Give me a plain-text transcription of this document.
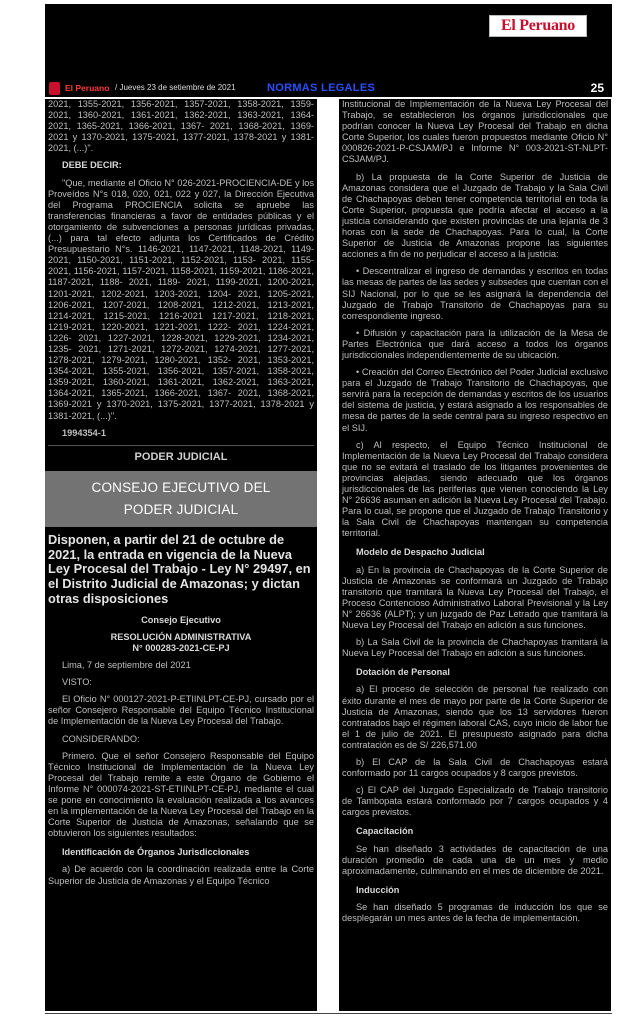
El Peruano
El Peruano / Jueves 23 de setiembre de 2021	NORMAS LEGALES	25

2021, 1355-2021, 1356-2021, 1357-2021, 1358-2021, 1359-2021, 1360-2021, 1361-2021, 1362-2021, 1363-2021, 1364-2021, 1365-2021, 1366-2021, 1367- 2021, 1368-2021, 1369-2021 y 1370-2021, 1375-2021, 1377-2021, 1378-2021 y 1381-2021, (...)".

DEBE DECIR:

"Que, mediante el Oficio N° 026-2021-PROCIENCIA-DE y los Proveídos N°s 018, 020, 021, 022 y 027, la Dirección Ejecutiva del Programa PROCIENCIA solicita se apruebe las transferencias financieras a favor de entidades públicas y el otorgamiento de subvenciones a personas jurídicas privadas, (...) para tal efecto adjunta los Certificados de Crédito Presupuestario N°s. 1146-2021, 1147-2021, 1148-2021, 1149-2021, 1150-2021, 1151-2021, 1152-2021, 1153- 2021, 1155-2021, 1156-2021, 1157-2021, 1158-2021, 1159-2021, 1186-2021, 1187-2021, 1188- 2021, 1189- 2021, 1199-2021, 1200-2021, 1201-2021, 1202-2021, 1203-2021, 1204- 2021, 1205-2021, 1206-2021, 1207-2021, 1208-2021, 1212-2021, 1213-2021, 1214-2021, 1215-2021, 1216-2021 1217-2021, 1218-2021, 1219-2021, 1220-2021, 1221-2021, 1222- 2021, 1224-2021, 1226- 2021, 1227-2021, 1228-2021, 1229-2021, 1234-2021, 1235- 2021, 1271-2021, 1272-2021, 1274-2021, 1277-2021, 1278-2021, 1279-2021, 1280-2021, 1352- 2021, 1353-2021, 1354-2021, 1355-2021, 1356-2021, 1357-2021, 1358-2021, 1359-2021, 1360-2021, 1361-2021, 1362-2021, 1363-2021, 1364-2021, 1365-2021, 1366-2021, 1367- 2021, 1368-2021, 1369-2021 y 1370-2021, 1375-2021, 1377-2021, 1378-2021 y 1381-2021, (...)".

1994354-1

PODER JUDICIAL
CONSEJO EJECUTIVO DEL
PODER JUDICIAL
Disponen, a partir del 21 de octubre de 2021, la entrada en vigencia de la Nueva Ley Procesal del Trabajo - Ley N° 29497, en el Distrito Judicial de Amazonas; y dictan otras disposiciones

Consejo Ejecutivo

RESOLUCIÓN ADMINISTRATIVA

N° 000283-2021-CE-PJ

Lima, 7 de septiembre del 2021

VISTO:

El Oficio N° 000127-2021-P-ETIINLPT-CE-PJ, cursado por el señor Consejero Responsable del Equipo Técnico Institucional de Implementación de la Nueva Ley Procesal del Trabajo.

CONSIDERANDO:

Primero. Que el señor Consejero Responsable del Equipo Técnico Institucional de Implementación de la Nueva Ley Procesal del Trabajo remite a este Órgano de Gobierno el Informe N° 000074-2021-ST-ETIINLPT-CE-PJ, mediante el cual se pone en conocimiento la evaluación realizada a los avances en la implementación de la Nueva Ley Procesal del Trabajo en la Corte Superior de Justicia de Amazonas, señalando que se obtuvieron los siguientes resultados:

Identificación de Órganos Jurisdiccionales

a) De acuerdo con la coordinación realizada entre la Corte Superior de Justicia de Amazonas y el Equipo Técnico

Institucional de Implementación de la Nueva Ley Procesal del Trabajo, se establecieron los órganos jurisdiccionales que podrían conocer la Nueva Ley Procesal del Trabajo en dicha Corte Superior, los cuales fueron propuestos mediante Oficio N° 000826-2021-P-CSJAM/PJ e Informe N° 003-2021-ST-NLPT-CSJAM/PJ.

b) La propuesta de la Corte Superior de Justicia de Amazonas considera que el Juzgado de Trabajo y la Sala Civil de Chachapoyas deben tener competencia territorial en toda la Corte Superior, propuesta que podría afectar el acceso a la justicia considerando que existen provincias de una lejanía de 3 horas con la sede de Chachapoyas. Para lo cual, la Corte Superior de Justicia de Amazonas propone las siguientes acciones a fin de no perjudicar el acceso a la justicia:

• Descentralizar el ingreso de demandas y escritos en todas las mesas de partes de las sedes y subsedes que cuentan con el SIJ Nacional, por lo que se les asignará la dependencia del Juzgado de Trabajo Transitorio de Chachapoyas para su correspondiente ingreso.

• Difusión y capacitación para la utilización de la Mesa de Partes Electrónica que dará acceso a todos los órganos jurisdiccionales independientemente de su ubicación.

• Creación del Correo Electrónico del Poder Judicial exclusivo para el Juzgado de Trabajo Transitorio de Chachapoyas, que servirá para la recepción de demandas y escritos de los usuarios del sistema de justicia, y estará asignado a los responsables de mesa de partes de la sede central para su ingreso respectivo en el SIJ.

c) Al respecto, el Equipo Técnico Institucional de Implementación de la Nueva Ley Procesal del Trabajo considera que no se evitará el traslado de los litigantes provenientes de provincias alejadas, siendo adecuado que los órganos jurisdiccionales de las periferias que vienen conociendo la Ley N° 26636 asuman en adición la Nueva Ley Procesal del Trabajo. Para lo cual, se propone que el Juzgado de Trabajo Transitorio y la Sala Civil de Chachapoyas mantengan su competencia territorial.

Modelo de Despacho Judicial

a) En la provincia de Chachapoyas de la Corte Superior de Justicia de Amazonas se conformará un Juzgado de Trabajo transitorio que tramitará la Nueva Ley Procesal del Trabajo, el Proceso Contencioso Administrativo Laboral Previsional y la Ley N° 26636 (ALPT); y un juzgado de Paz Letrado que tramitará la Nueva Ley Procesal del Trabajo en adición a sus funciones.

b) La Sala Civil de la provincia de Chachapoyas tramitará la Nueva Ley Procesal del Trabajo en adición a sus funciones.

Dotación de Personal

a) El proceso de selección de personal fue realizado con éxito durante el mes de mayo por parte de la Corte Superior de Justicia de Amazonas, siendo que los 13 servidores fueron contratados bajo el régimen laboral CAS, cuyo inicio de labor fue el 1 de julio de 2021. El presupuesto asignado para dicha contratación es de S/ 226,571.00

b) El CAP de la Sala Civil de Chachapoyas estará conformado por 11 cargos ocupados y 8 cargos previstos.

c) El CAP del Juzgado Especializado de Trabajo transitorio de Tambopata estará conformado por 7 cargos ocupados y 4 cargos previstos.

Capacitación

Se han diseñado 3 actividades de capacitación de una duración promedio de cada una de un mes y medio aproximadamente, culminando en el mes de diciembre de 2021.

Inducción

Se han diseñado 5 programas de inducción los que se desplegarán un mes antes de la fecha de implementación.
